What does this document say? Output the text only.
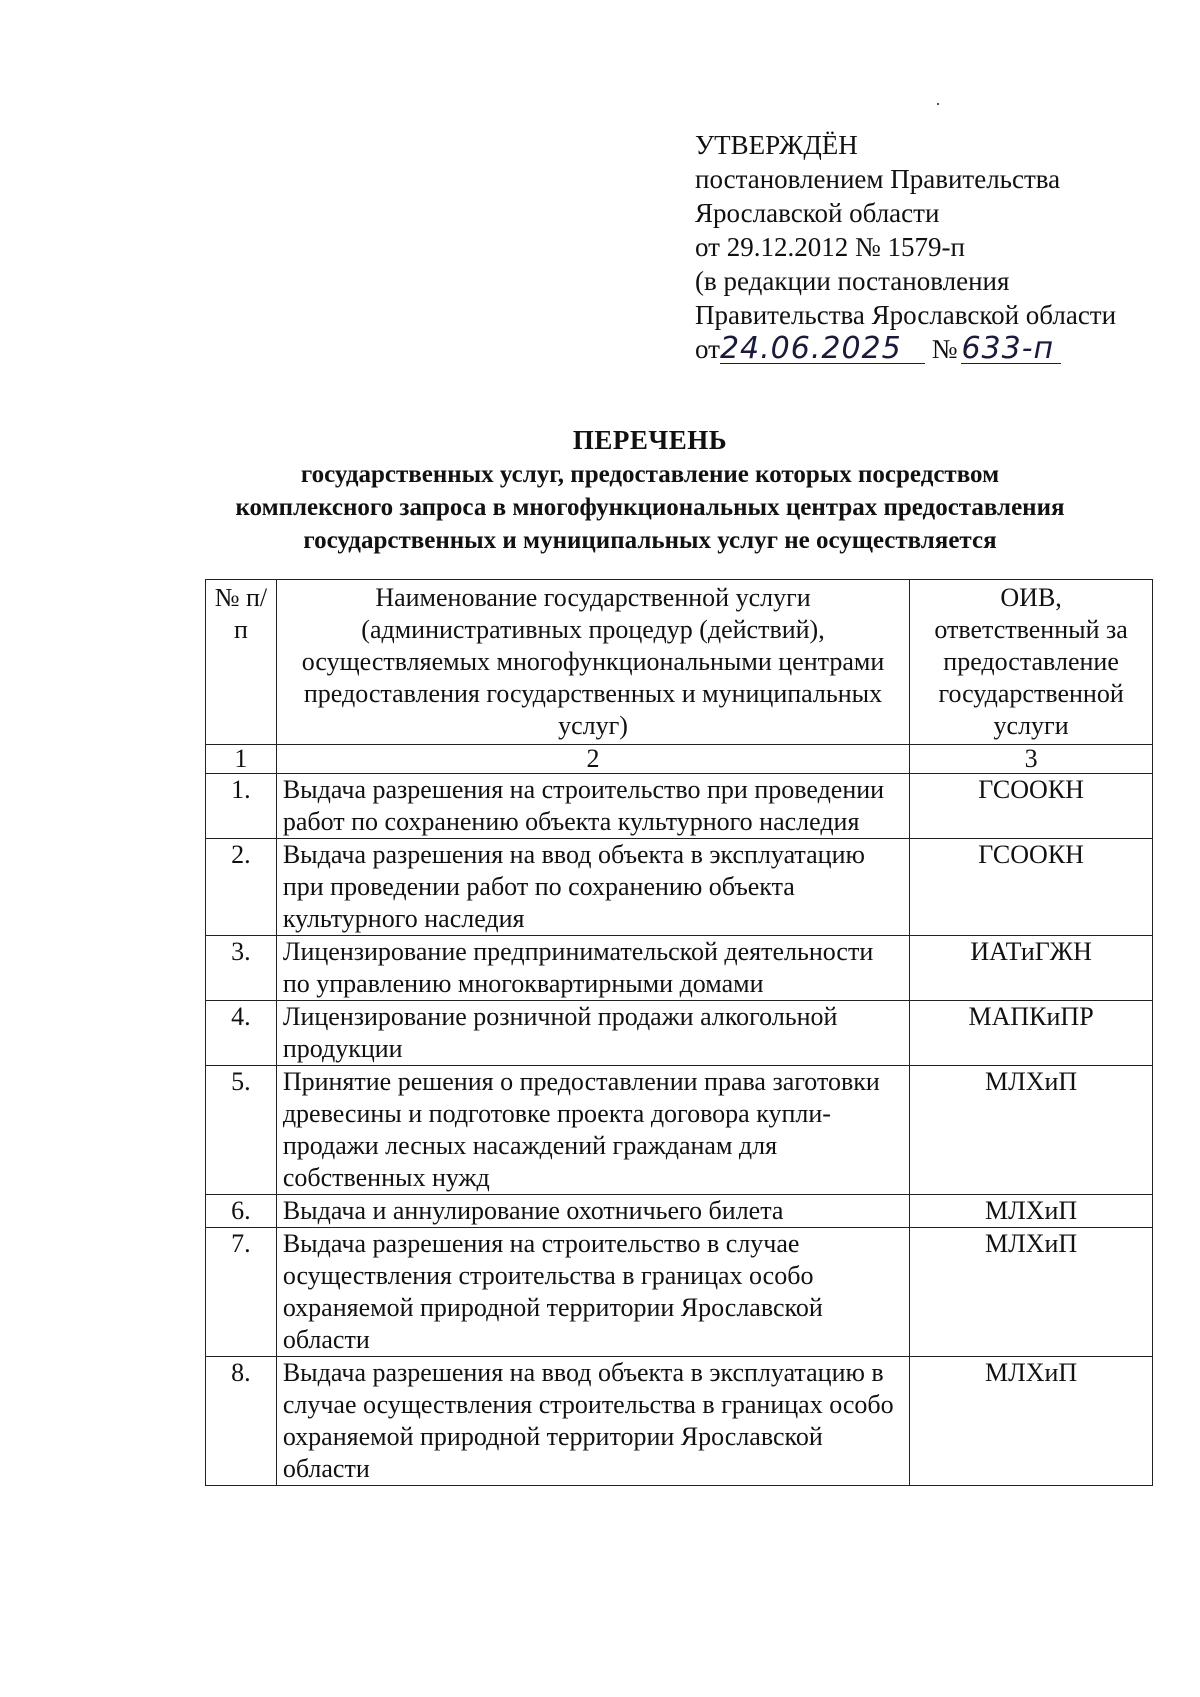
УТВЕРЖДЁН
постановлением Правительства
Ярославской области
от 29.12.2012 № 1579-п
(в редакции постановления
Правительства Ярославской области
от24.06.2025 № 633-п
ПЕРЕЧЕНЬ
государственных услуг, предоставление которых посредством
комплексного запроса в многофункциональных центрах предоставления
государственных и муниципальных услуг не осуществляется
№ п/п	Наименование государственной услуги (административных процедур (действий), осуществляемых многофункциональными центрами предоставления государственных и муниципальных услуг)	ОИВ, ответственный за предоставление государственной услуги
1	2	3
1.	Выдача разрешения на строительство при проведении работ по сохранению объекта культурного наследия	ГСООКН
2.	Выдача разрешения на ввод объекта в эксплуатацию при проведении работ по сохранению объекта культурного наследия	ГСООКН
3.	Лицензирование предпринимательской деятельности по управлению многоквартирными домами	ИАТиГЖН
4.	Лицензирование розничной продажи алкогольной продукции	МАПКиПР
5.	Принятие решения о предоставлении права заготовки древесины и подготовке проекта договора купли-продажи лесных насаждений гражданам для собственных нужд	МЛХиП
6.	Выдача и аннулирование охотничьего билета	МЛХиП
7.	Выдача разрешения на строительство в случае осуществления строительства в границах особо охраняемой природной территории Ярославской области	МЛХиП
8.	Выдача разрешения на ввод объекта в эксплуатацию в случае осуществления строительства в границах особо охраняемой природной территории Ярославской области	МЛХиП
